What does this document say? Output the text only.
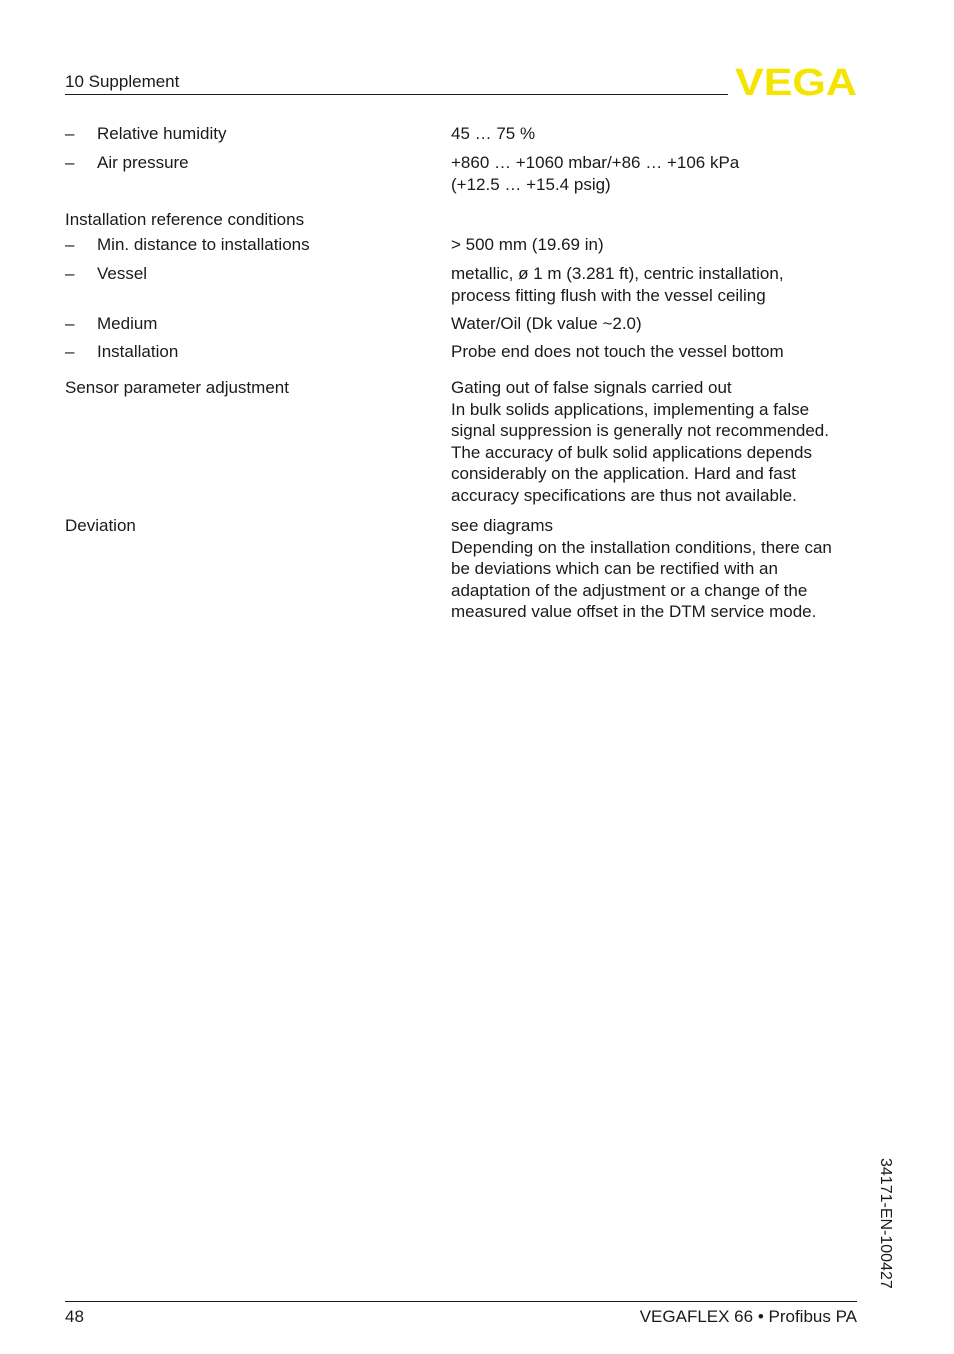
10 Supplement	VEGA
– Relative humidity	45 … 75 %
– Air pressure	+860 … +1060 mbar/+86 … +106 kPa
(+12.5 … +15.4 psig)
Installation reference conditions
– Min. distance to installations	> 500 mm (19.69 in)
– Vessel	metallic, ø 1 m (3.281 ft), centric installation,
process fitting flush with the vessel ceiling
– Medium	Water/Oil (Dk value ~2.0)
– Installation	Probe end does not touch the vessel bottom
Sensor parameter adjustment	Gating out of false signals carried out
In bulk solids applications, implementing a false
signal suppression is generally not recommended.
The accuracy of bulk solid applications depends
considerably on the application. Hard and fast
accuracy specifications are thus not available.
Deviation	see diagrams
Depending on the installation conditions, there can
be deviations which can be rectified with an
adaptation of the adjustment or a change of the
measured value offset in the DTM service mode.
34171-EN-100427
48	VEGAFLEX 66 • Profibus PA
